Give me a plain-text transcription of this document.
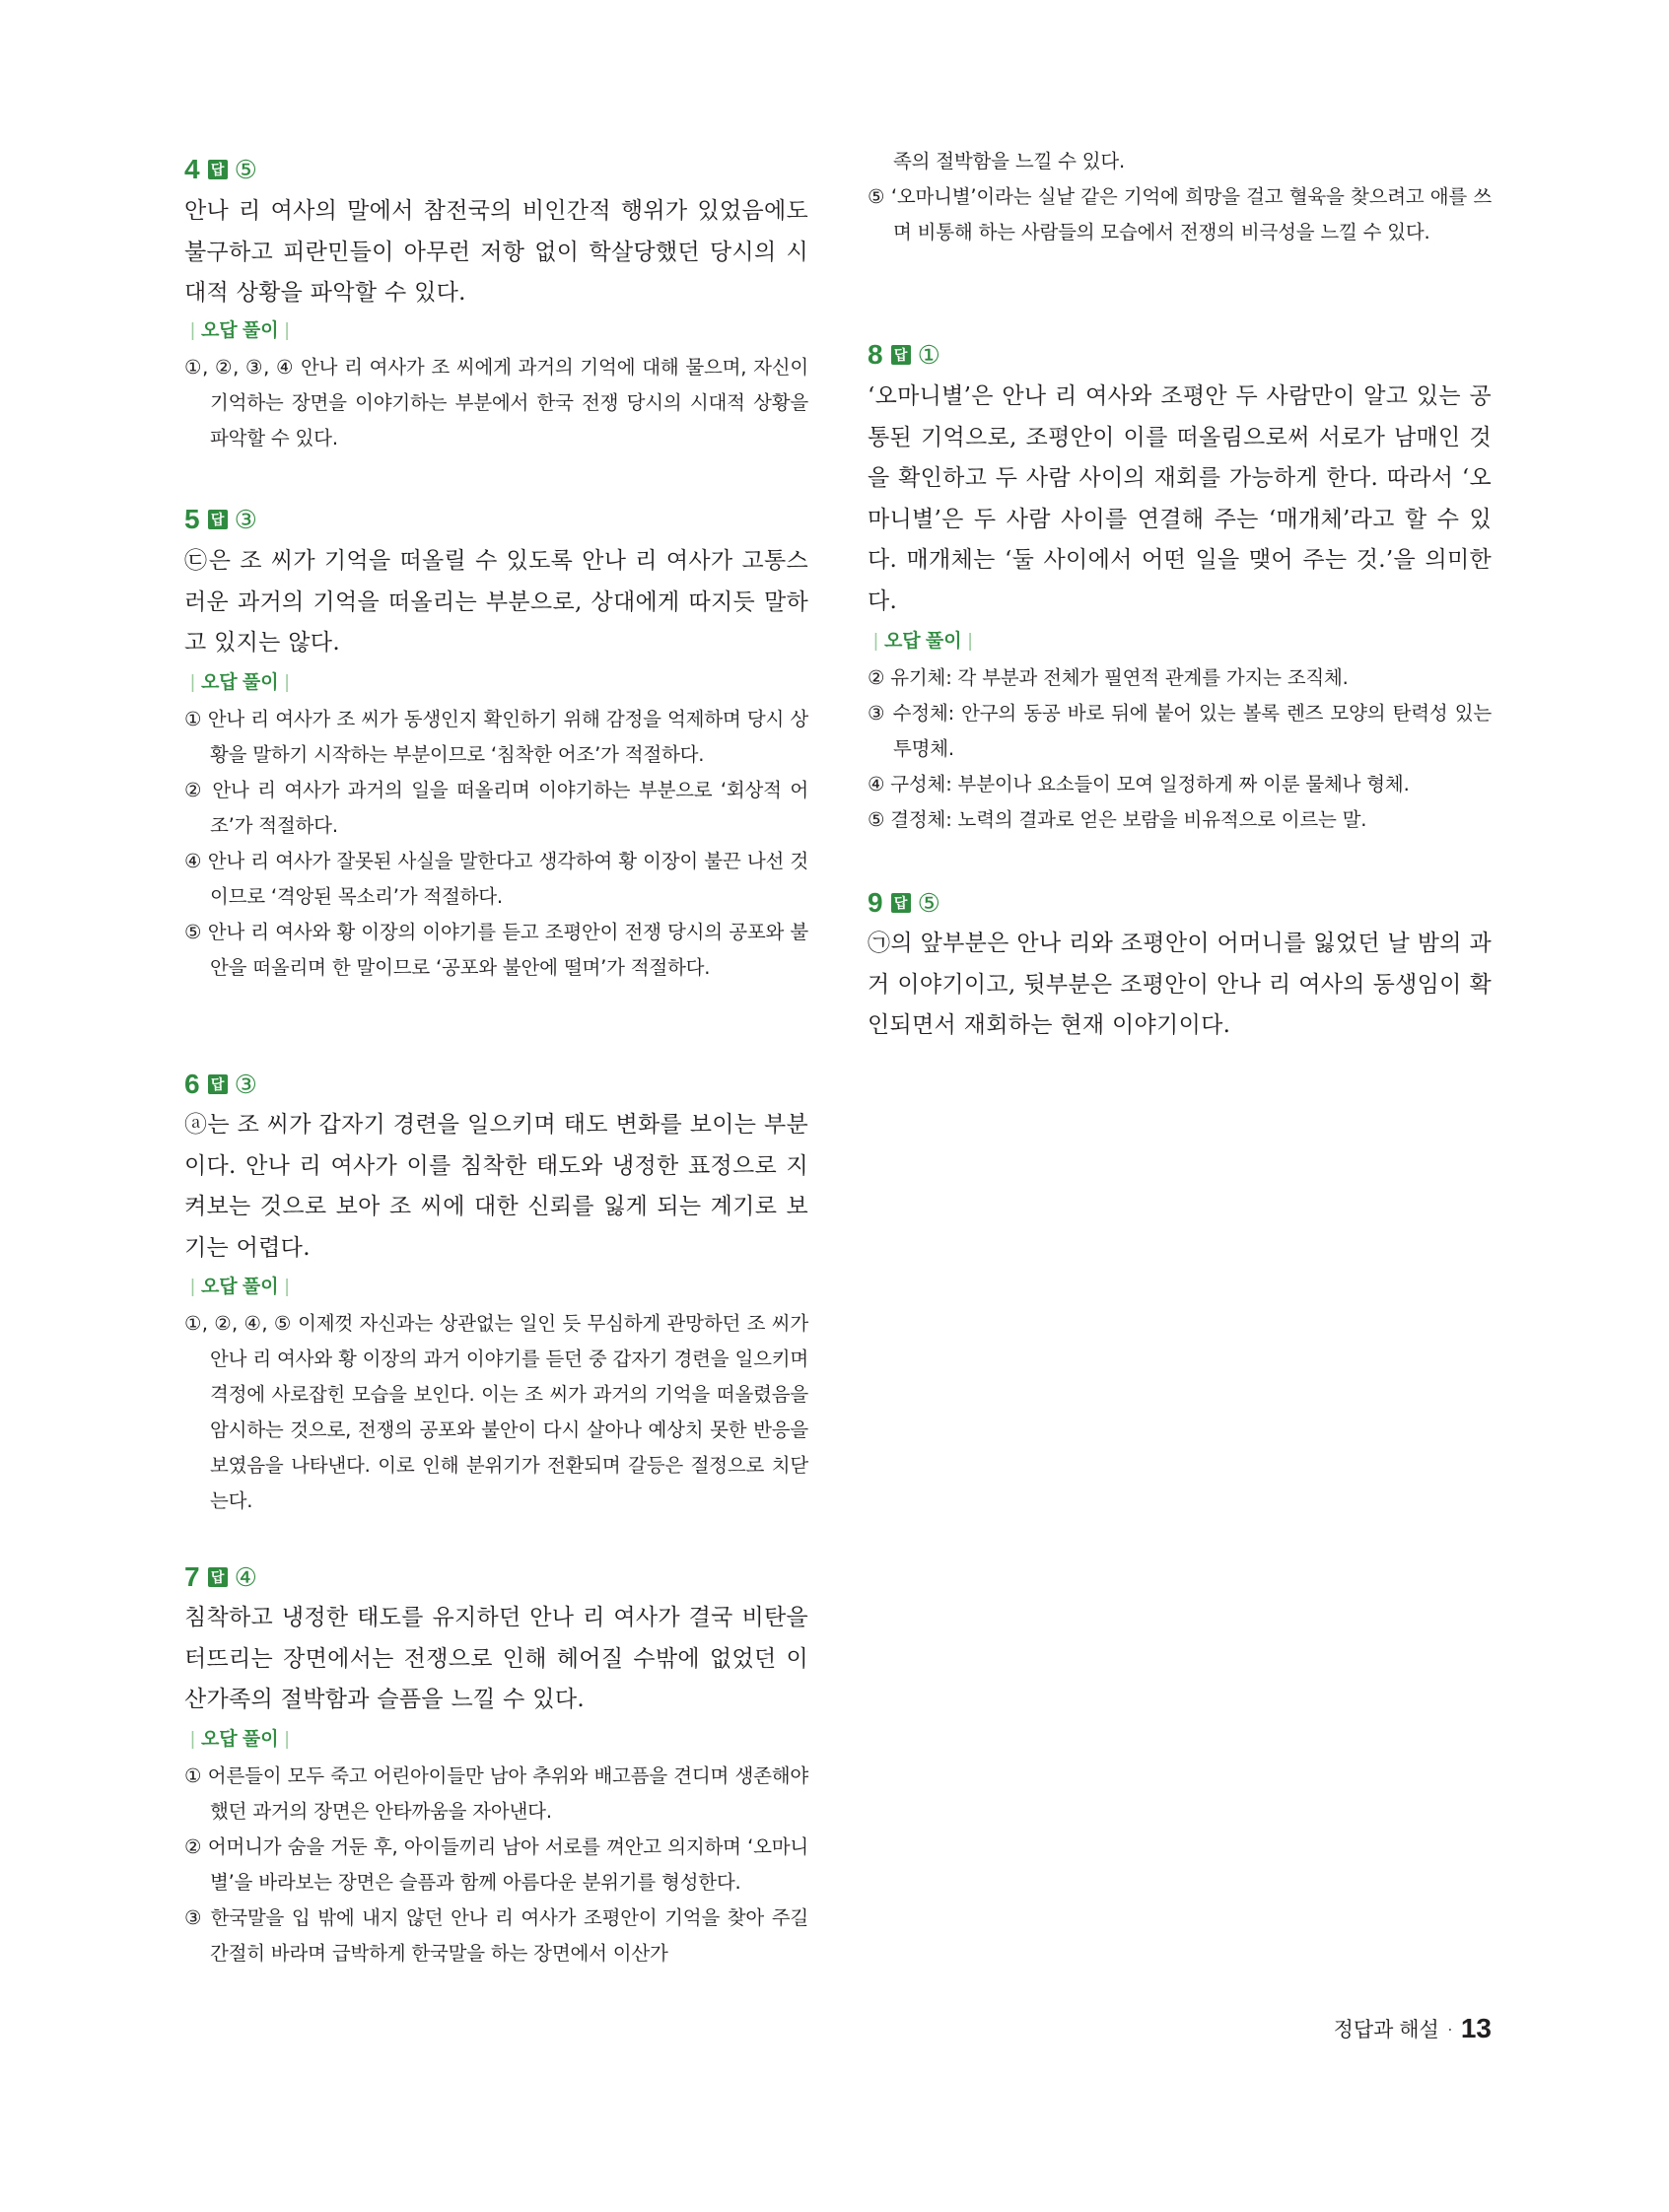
4 답 ⑤

안나 리 여사의 말에서 참전국의 비인간적 행위가 있었음에도 불구하고 피란민들이 아무런 저항 없이 학살당했던 당시의 시대적 상황을 파악할 수 있다.

| 오답 풀이 |
①, ②, ③, ④ 안나 리 여사가 조 씨에게 과거의 기억에 대해 물으며, 자신이 기억하는 장면을 이야기하는 부분에서 한국 전쟁 당시의 시대적 상황을 파악할 수 있다.
5 답 ③

㉢은 조 씨가 기억을 떠올릴 수 있도록 안나 리 여사가 고통스러운 과거의 기억을 떠올리는 부분으로, 상대에게 따지듯 말하고 있지는 않다.

| 오답 풀이 |
① 안나 리 여사가 조 씨가 동생인지 확인하기 위해 감정을 억제하며 당시 상황을 말하기 시작하는 부분이므로 ‘침착한 어조’가 적절하다.
② 안나 리 여사가 과거의 일을 떠올리며 이야기하는 부분으로 ‘회상적 어조’가 적절하다.
④ 안나 리 여사가 잘못된 사실을 말한다고 생각하여 황 이장이 불끈 나선 것이므로 ‘격앙된 목소리’가 적절하다.
⑤ 안나 리 여사와 황 이장의 이야기를 듣고 조평안이 전쟁 당시의 공포와 불안을 떠올리며 한 말이므로 ‘공포와 불안에 떨며’가 적절하다.
6 답 ③

ⓐ는 조 씨가 갑자기 경련을 일으키며 태도 변화를 보이는 부분이다. 안나 리 여사가 이를 침착한 태도와 냉정한 표정으로 지켜보는 것으로 보아 조 씨에 대한 신뢰를 잃게 되는 계기로 보기는 어렵다.

| 오답 풀이 |
①, ②, ④, ⑤ 이제껏 자신과는 상관없는 일인 듯 무심하게 관망하던 조 씨가 안나 리 여사와 황 이장의 과거 이야기를 듣던 중 갑자기 경련을 일으키며 격정에 사로잡힌 모습을 보인다. 이는 조 씨가 과거의 기억을 떠올렸음을 암시하는 것으로, 전쟁의 공포와 불안이 다시 살아나 예상치 못한 반응을 보였음을 나타낸다. 이로 인해 분위기가 전환되며 갈등은 절정으로 치닫는다.
7 답 ④

침착하고 냉정한 태도를 유지하던 안나 리 여사가 결국 비탄을 터뜨리는 장면에서는 전쟁으로 인해 헤어질 수밖에 없었던 이산가족의 절박함과 슬픔을 느낄 수 있다.

| 오답 풀이 |
① 어른들이 모두 죽고 어린아이들만 남아 추위와 배고픔을 견디며 생존해야 했던 과거의 장면은 안타까움을 자아낸다.
② 어머니가 숨을 거둔 후, 아이들끼리 남아 서로를 껴안고 의지하며 ‘오마니별’을 바라보는 장면은 슬픔과 함께 아름다운 분위기를 형성한다.
③ 한국말을 입 밖에 내지 않던 안나 리 여사가 조평안이 기억을 찾아 주길 간절히 바라며 급박하게 한국말을 하는 장면에서 이산가
족의 절박함을 느낄 수 있다.
⑤ ‘오마니별’이라는 실낱 같은 기억에 희망을 걸고 혈육을 찾으려고 애를 쓰며 비통해 하는 사람들의 모습에서 전쟁의 비극성을 느낄 수 있다.
8 답 ①

‘오마니별’은 안나 리 여사와 조평안 두 사람만이 알고 있는 공통된 기억으로, 조평안이 이를 떠올림으로써 서로가 남매인 것을 확인하고 두 사람 사이의 재회를 가능하게 한다. 따라서 ‘오마니별’은 두 사람 사이를 연결해 주는 ‘매개체’라고 할 수 있다. 매개체는 ‘둘 사이에서 어떤 일을 맺어 주는 것.’을 의미한다.

| 오답 풀이 |
② 유기체: 각 부분과 전체가 필연적 관계를 가지는 조직체.
③ 수정체: 안구의 동공 바로 뒤에 붙어 있는 볼록 렌즈 모양의 탄력성 있는 투명체.
④ 구성체: 부분이나 요소들이 모여 일정하게 짜 이룬 물체나 형체.
⑤ 결정체: 노력의 결과로 얻은 보람을 비유적으로 이르는 말.
9 답 ⑤

㉠의 앞부분은 안나 리와 조평안이 어머니를 잃었던 날 밤의 과거 이야기이고, 뒷부분은 조평안이 안나 리 여사의 동생임이 확인되면서 재회하는 현재 이야기이다.

정답과 해설 · 13
